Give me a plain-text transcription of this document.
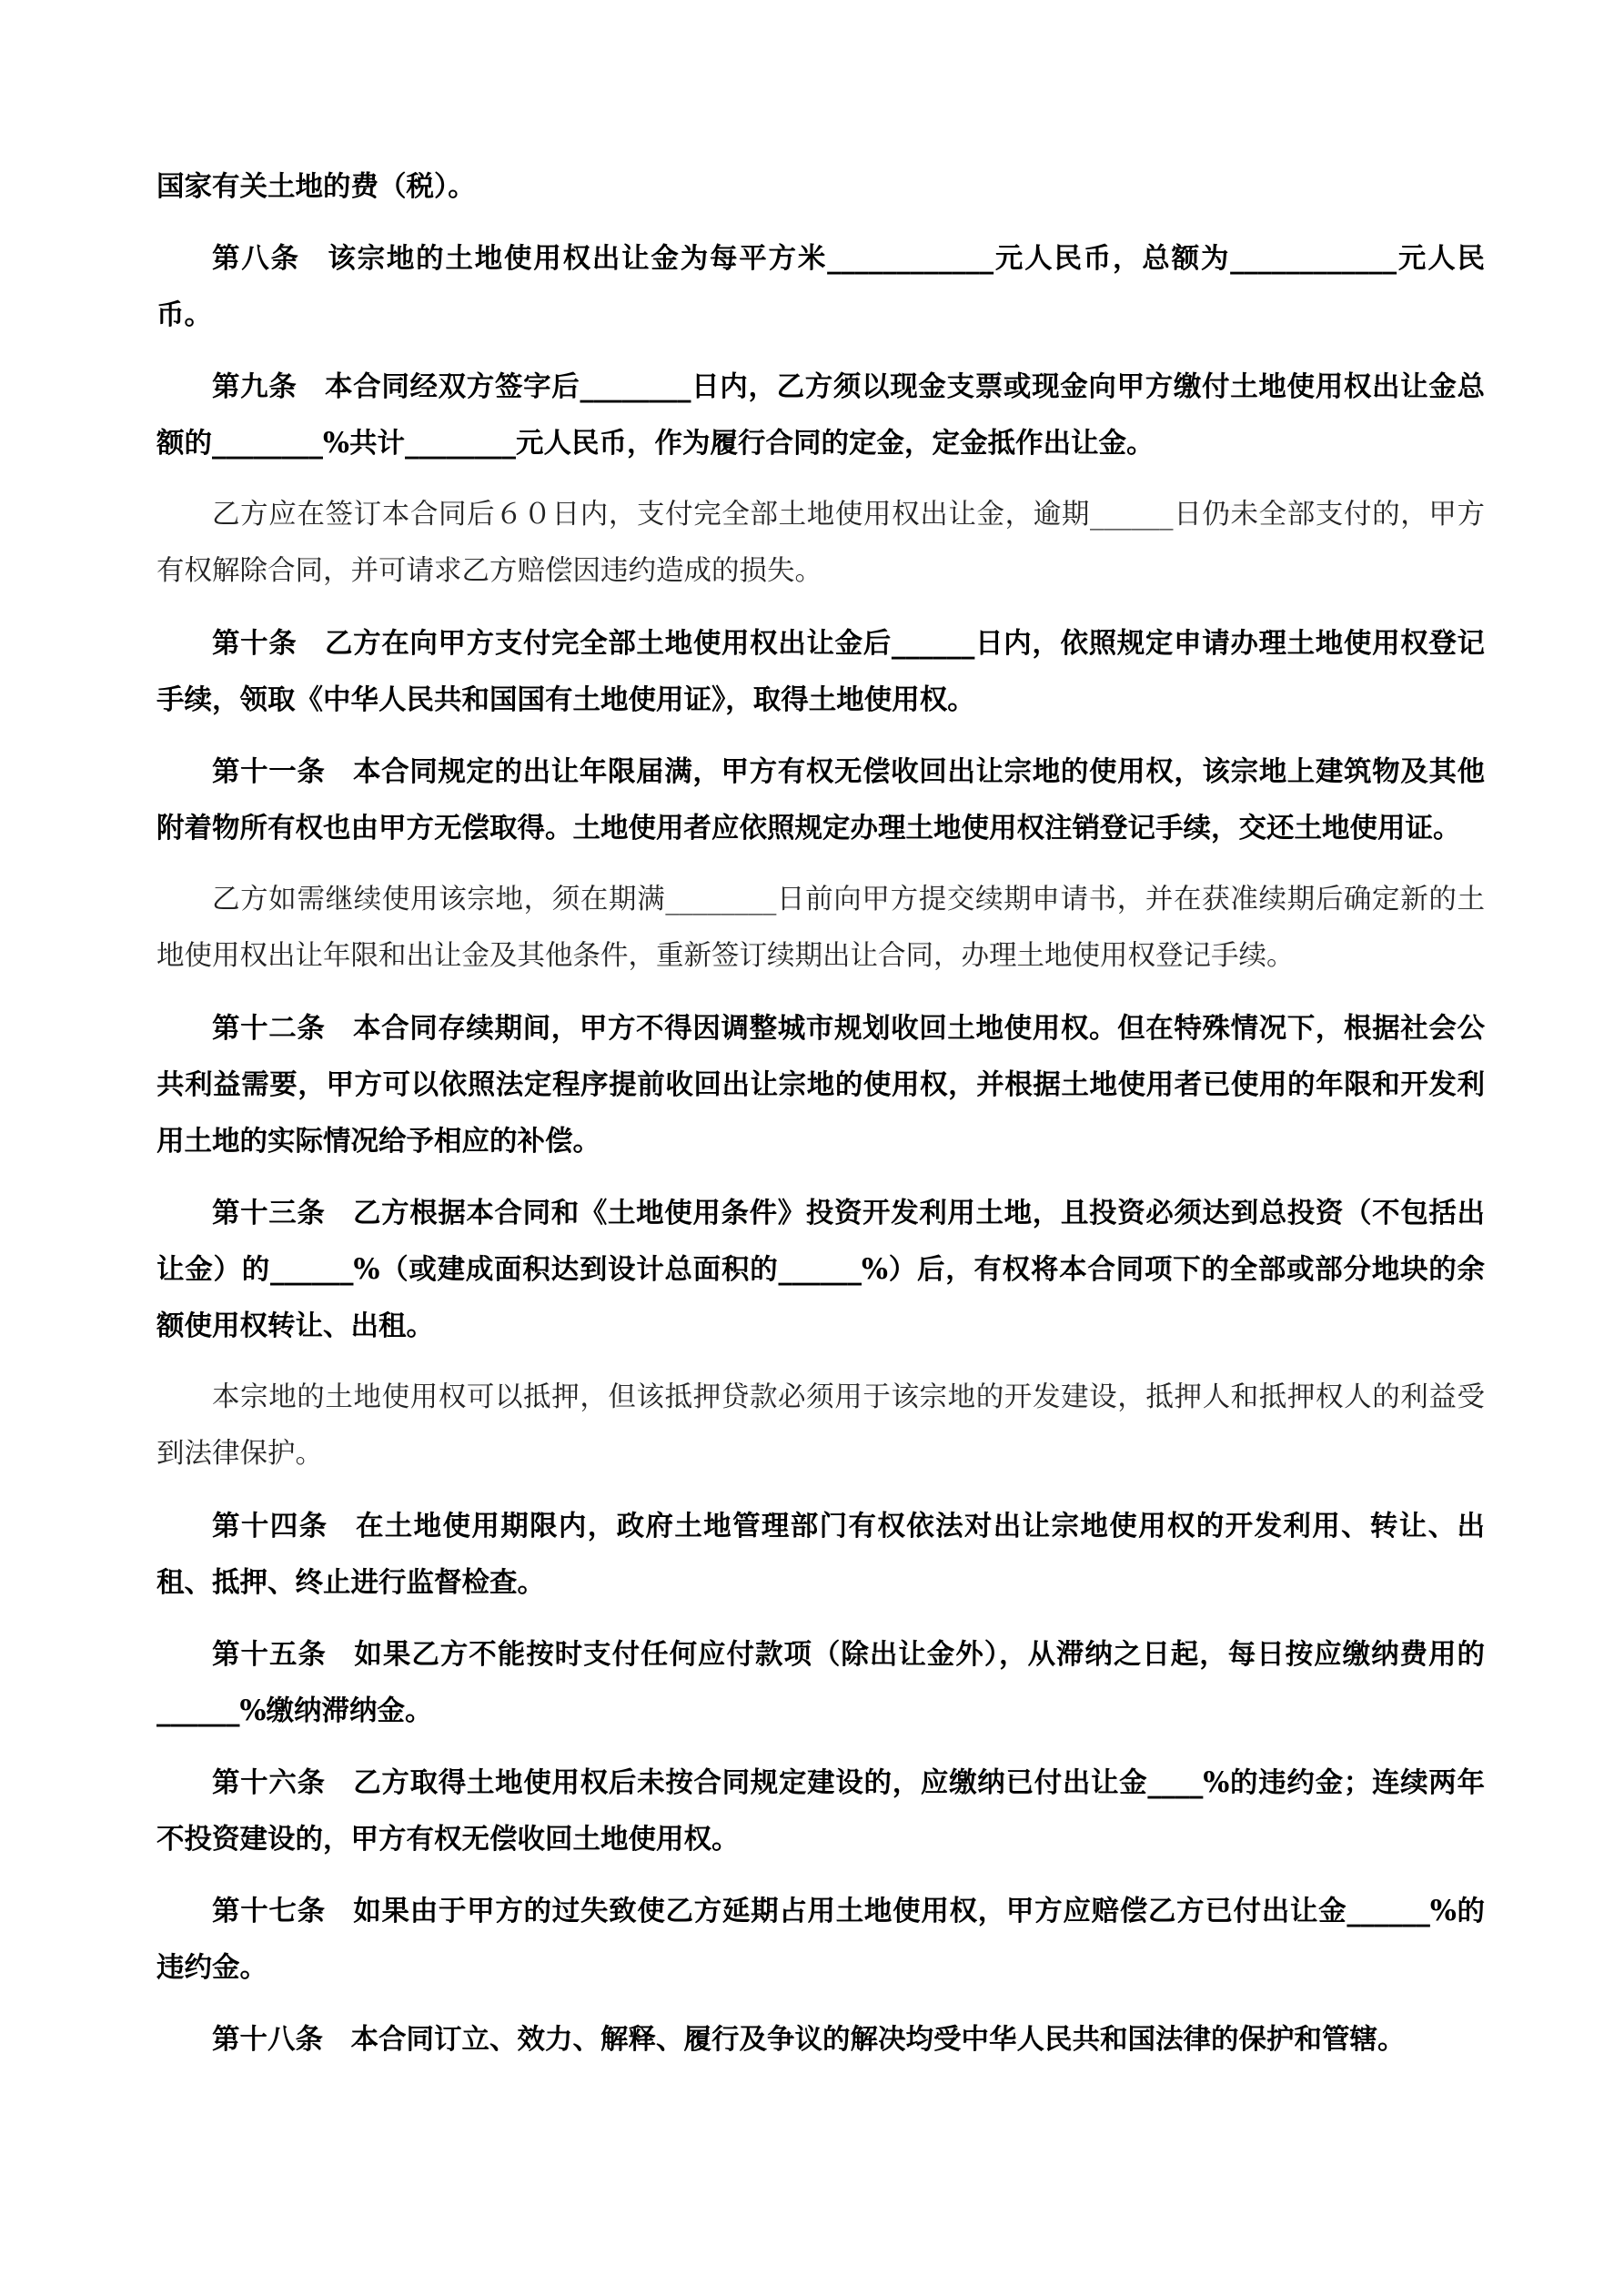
国家有关土地的费（税）。

第八条 该宗地的土地使用权出让金为每平方米____________元人民币，总额为____________元人民币。

第九条 本合同经双方签字后________日内，乙方须以现金支票或现金向甲方缴付土地使用权出让金总额的________%共计________元人民币，作为履行合同的定金，定金抵作出让金。

乙方应在签订本合同后６０日内，支付完全部土地使用权出让金，逾期______日仍未全部支付的，甲方有权解除合同，并可请求乙方赔偿因违约造成的损失。

第十条 乙方在向甲方支付完全部土地使用权出让金后______日内，依照规定申请办理土地使用权登记手续，领取《中华人民共和国国有土地使用证》，取得土地使用权。

第十一条 本合同规定的出让年限届满，甲方有权无偿收回出让宗地的使用权，该宗地上建筑物及其他附着物所有权也由甲方无偿取得。土地使用者应依照规定办理土地使用权注销登记手续，交还土地使用证。

乙方如需继续使用该宗地，须在期满________日前向甲方提交续期申请书，并在获准续期后确定新的土地使用权出让年限和出让金及其他条件，重新签订续期出让合同，办理土地使用权登记手续。

第十二条 本合同存续期间，甲方不得因调整城市规划收回土地使用权。但在特殊情况下，根据社会公共利益需要，甲方可以依照法定程序提前收回出让宗地的使用权，并根据土地使用者已使用的年限和开发利用土地的实际情况给予相应的补偿。

第十三条 乙方根据本合同和《土地使用条件》投资开发利用土地，且投资必须达到总投资（不包括出让金）的______%（或建成面积达到设计总面积的______%）后，有权将本合同项下的全部或部分地块的余额使用权转让、出租。

本宗地的土地使用权可以抵押，但该抵押贷款必须用于该宗地的开发建设，抵押人和抵押权人的利益受到法律保护。

第十四条 在土地使用期限内，政府土地管理部门有权依法对出让宗地使用权的开发利用、转让、出租、抵押、终止进行监督检查。

第十五条 如果乙方不能按时支付任何应付款项（除出让金外），从滞纳之日起，每日按应缴纳费用的______%缴纳滞纳金。

第十六条 乙方取得土地使用权后未按合同规定建设的，应缴纳已付出让金____%的违约金；连续两年不投资建设的，甲方有权无偿收回土地使用权。

第十七条 如果由于甲方的过失致使乙方延期占用土地使用权，甲方应赔偿乙方已付出让金______%的违约金。

第十八条 本合同订立、效力、解释、履行及争议的解决均受中华人民共和国法律的保护和管辖。
